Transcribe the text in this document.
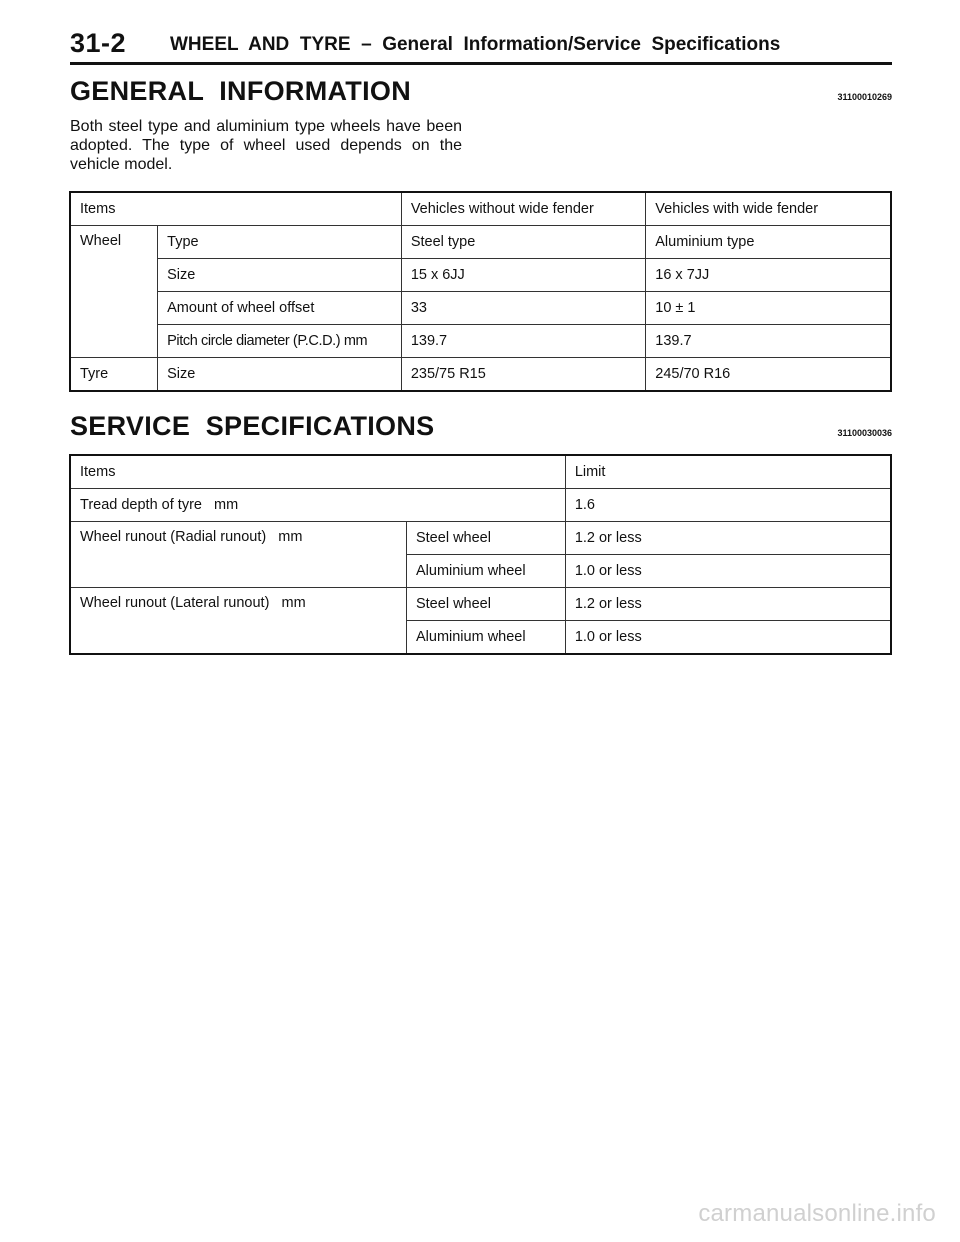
31-2 WHEEL  AND  TYRE  –  General  Information/Service  Specifications
GENERAL  INFORMATION	31100010269

Both steel type and aluminium type wheels have been adopted. The type of wheel used depends on the vehicle model.

Items		Vehicles without wide fender	Vehicles with wide fender
Wheel	Type	Steel type	Aluminium type
	Size	15 x 6JJ	16 x 7JJ
	Amount of wheel offset	33	10 ± 1
	Pitch circle diameter (P.C.D.) mm	139.7	139.7
Tyre	Size	235/75 R15	245/70 R16
SERVICE  SPECIFICATIONS	31100030036
Items		Limit
Tread depth of tyre   mm		1.6
Wheel runout (Radial runout)   mm	Steel wheel	1.2 or less
	Aluminium wheel	1.0 or less
Wheel runout (Lateral runout)   mm	Steel wheel	1.2 or less
	Aluminium wheel	1.0 or less
carmanualsonline.info
